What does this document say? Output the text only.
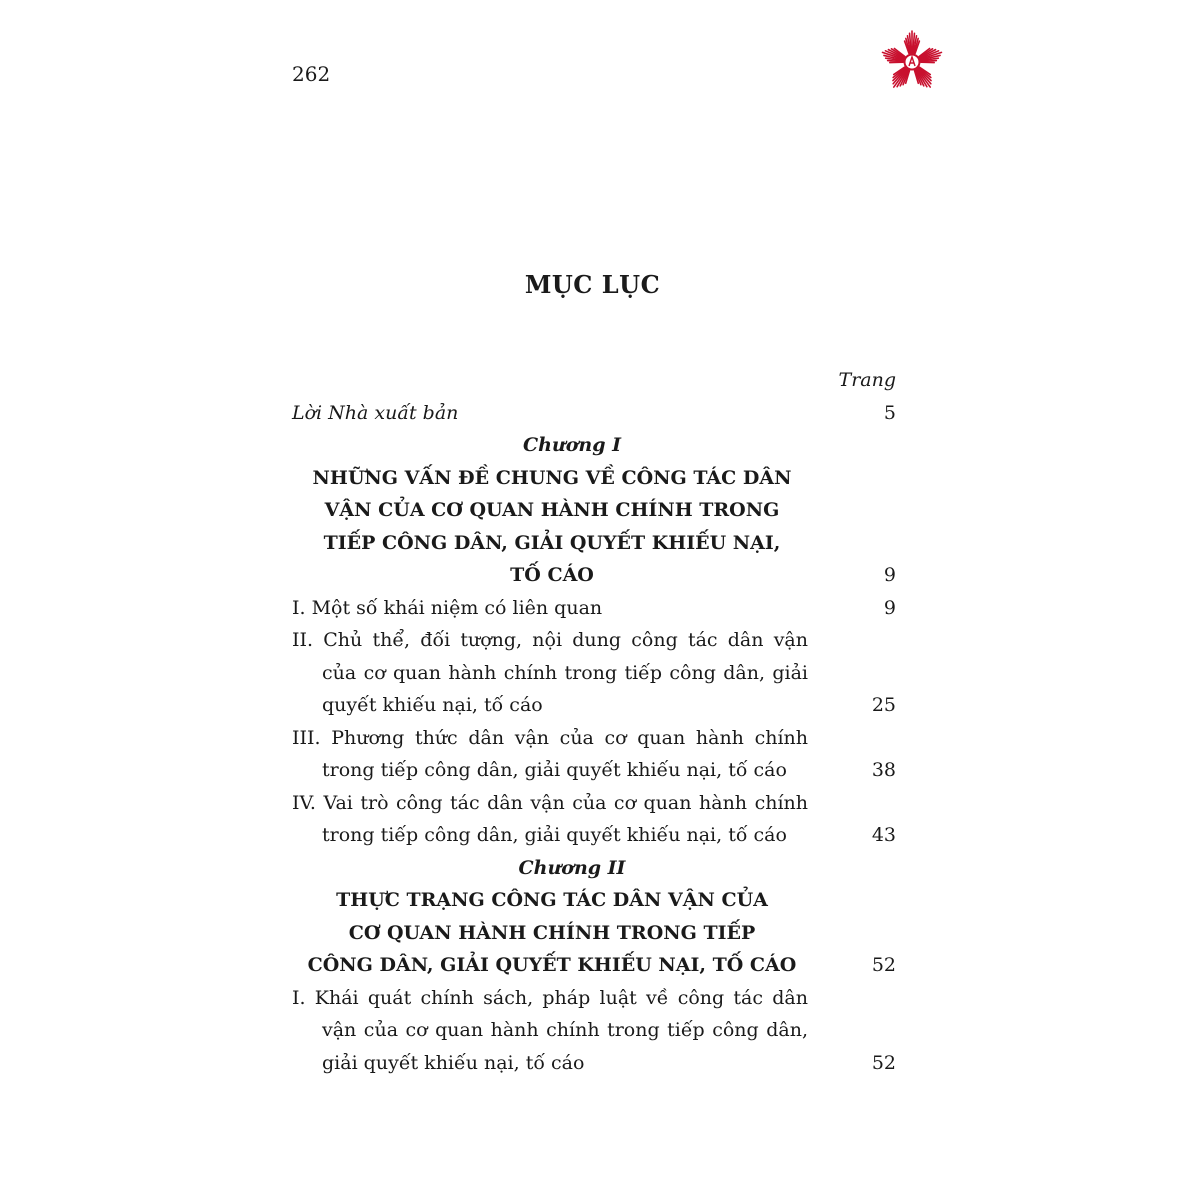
262
MỤC LỤC
Trang
Lời Nhà xuất bản	5
Chương I
NHỮNG VẤN ĐỀ CHUNG VỀ CÔNG TÁC DÂN
VẬN CỦA CƠ QUAN HÀNH CHÍNH TRONG
TIẾP CÔNG DÂN, GIẢI QUYẾT KHIẾU NẠI,
TỐ CÁO	9
I. Một số khái niệm có liên quan	9
II. Chủ thể, đối tượng, nội dung công tác dân vận
của cơ quan hành chính trong tiếp công dân, giải
quyết khiếu nại, tố cáo	25
III. Phương thức dân vận của cơ quan hành chính
trong tiếp công dân, giải quyết khiếu nại, tố cáo	38
IV. Vai trò công tác dân vận của cơ quan hành chính
trong tiếp công dân, giải quyết khiếu nại, tố cáo	43
Chương II
THỰC TRẠNG CÔNG TÁC DÂN VẬN CỦA
CƠ QUAN HÀNH CHÍNH TRONG TIẾP
CÔNG DÂN, GIẢI QUYẾT KHIẾU NẠI, TỐ CÁO	52
I. Khái quát chính sách, pháp luật về công tác dân
vận của cơ quan hành chính trong tiếp công dân,
giải quyết khiếu nại, tố cáo	52
